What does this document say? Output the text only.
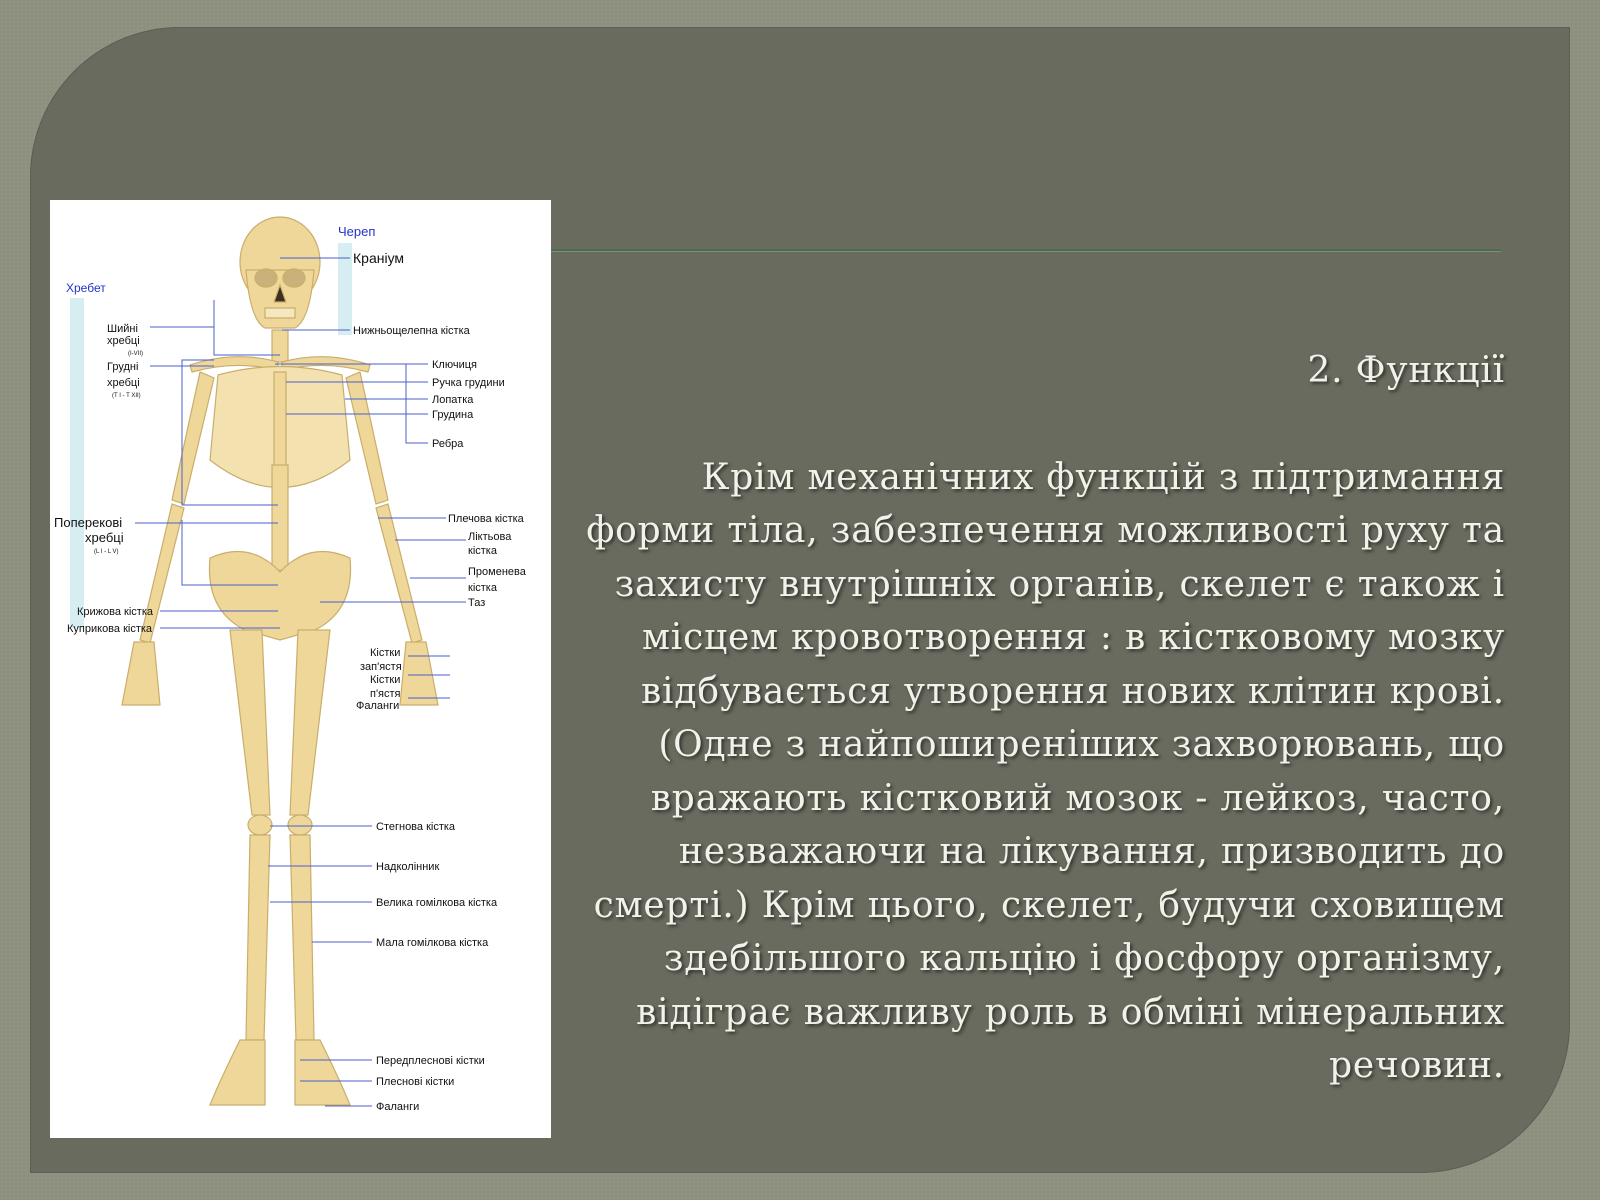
Череп
Краніум
Нижньощелепна кістка
Хребет
Шийні
хребці
(I-VII)
Грудні
хребці
(T I - T XII)
Ключиця
Ручка грудини
Лопатка
Грудина
Ребра
Плечова кістка
Ліктьова
кістка
Променева
кістка
Таз
Поперекові
хребці
(L I - L V)
Крижова кістка
Куприкова кістка
Кістки
зап'ястя
Кістки
п'ястя
Фаланги
Стегнова кістка
Надколінник
Велика гомілкова кістка
Мала гомілкова кістка
Передплеснові кістки
Плеснові кістки
Фаланги
2. Функції
Крім механічних функцій з підтримання форми тіла, забезпечення можливості руху та захисту внутрішніх органів, скелет є також і місцем кровотворення : в кістковому мозку відбувається утворення нових клітин крові. (Одне з найпоширеніших захворювань, що вражають кістковий мозок - лейкоз, часто, незважаючи на лікування, призводить до смерті.) Крім цього, скелет, будучи сховищем здебільшого кальцію і фосфору організму, відіграє важливу роль в обміні мінеральних речовин.
